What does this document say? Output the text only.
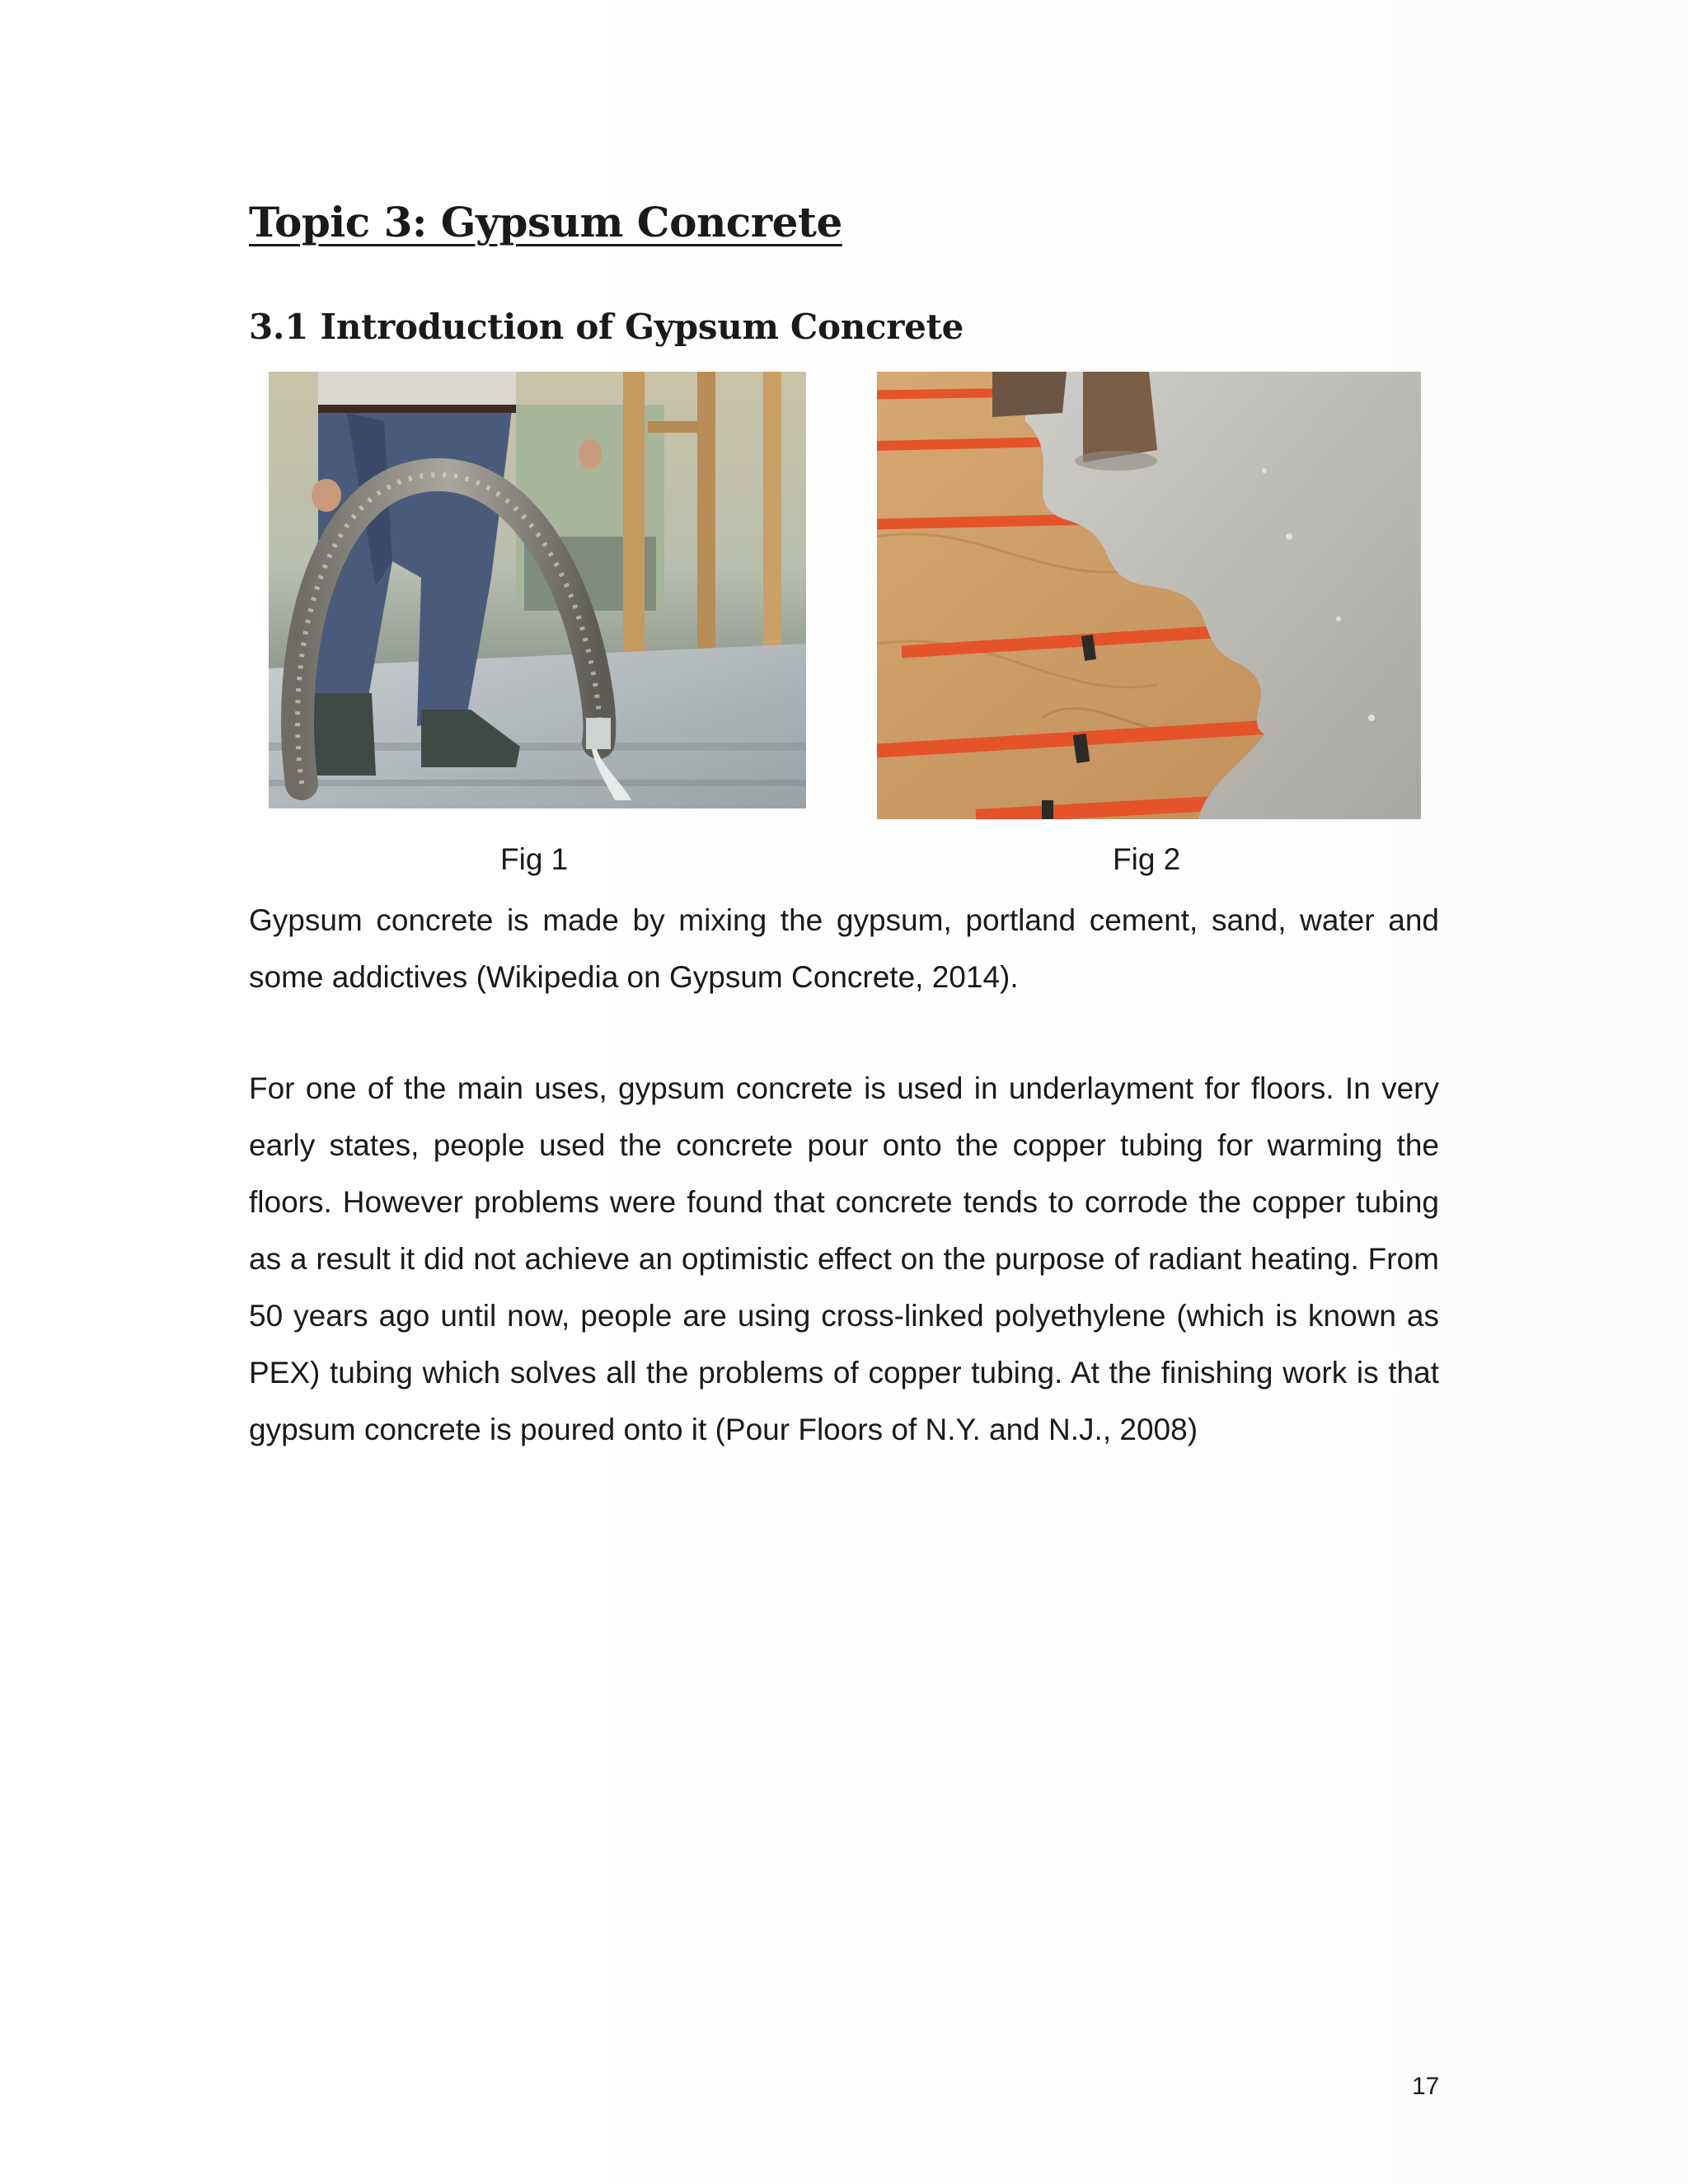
Topic 3: Gypsum Concrete
3.1 Introduction of Gypsum Concrete
Fig 1	Fig 2

Gypsum concrete is made by mixing the gypsum, portland cement, sand, water and some addictives (Wikipedia on Gypsum Concrete, 2014).

For one of the main uses, gypsum concrete is used in underlayment for floors. In very early states, people used the concrete pour onto the copper tubing for warming the floors. However problems were found that concrete tends to corrode the copper tubing as a result it did not achieve an optimistic effect on the purpose of radiant heating. From 50 years ago until now, people are using cross-linked polyethylene (which is known as PEX) tubing which solves all the problems of copper tubing. At the finishing work is that gypsum concrete is poured onto it (Pour Floors of N.Y. and N.J., 2008)

17
